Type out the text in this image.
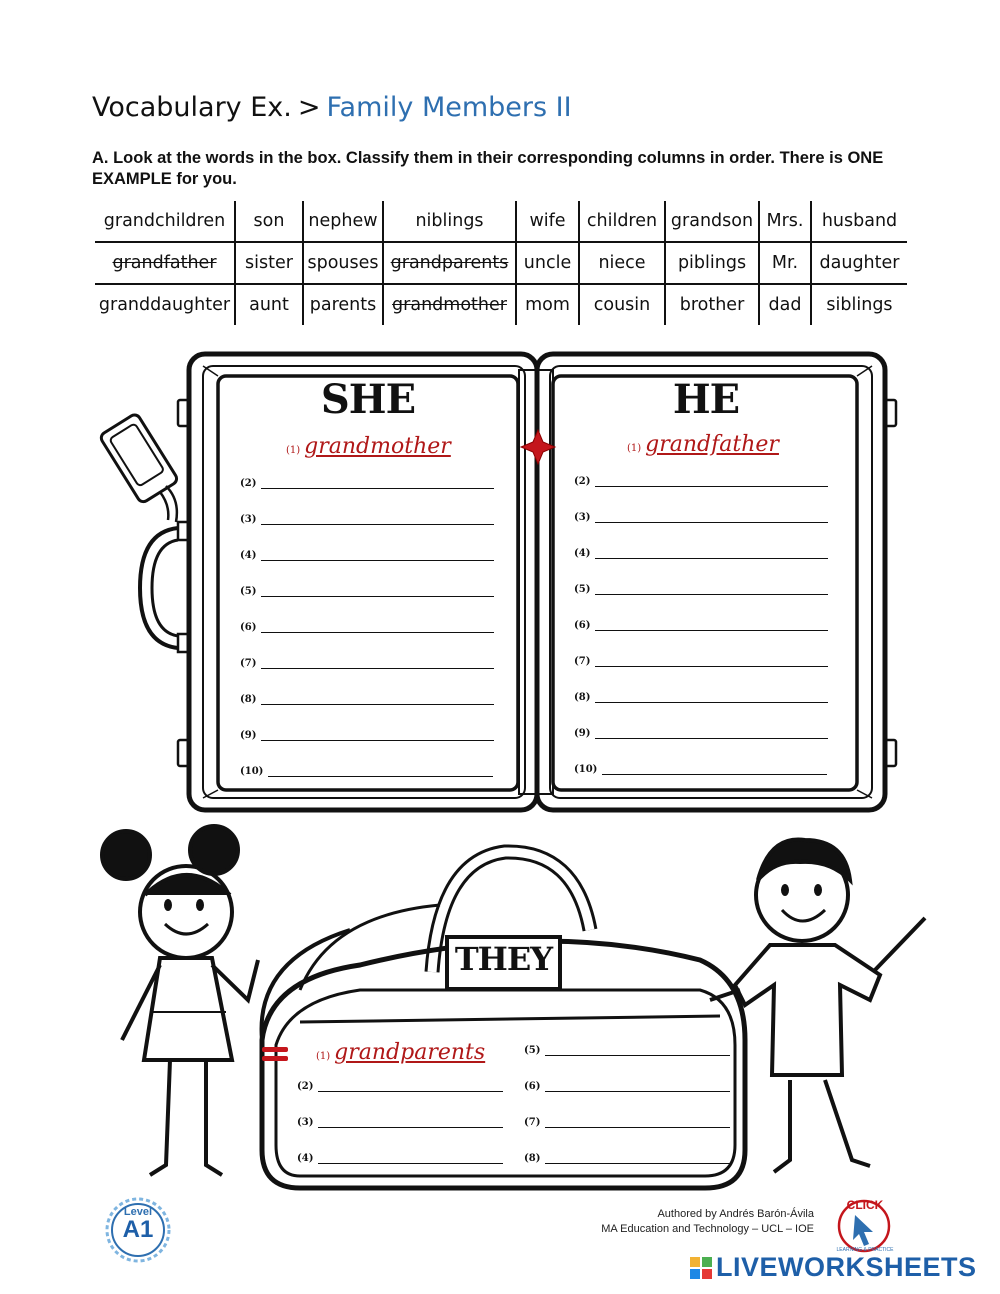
Vocabulary Ex. > Family Members II
A. Look at the words in the box. Classify them in their corresponding columns in order. There is ONE EXAMPLE for you.
grandchildren	son	nephew	niblings	wife	children	grandson	Mrs.	husband
grandfather	sister	spouses	grandparents	uncle	niece	piblings	Mr.	daughter
granddaughter	aunt	parents	grandmother	mom	cousin	brother	dad	siblings
Level
A1
CLICK
LEARNING & PRACTICE
SHE
(1) grandmother
(2)
(3)
(4)
(5)
(6)
(7)
(8)
(9)
(10)
HE
(1) grandfather
(2)
(3)
(4)
(5)
(6)
(7)
(8)
(9)
(10)
THEY
(1) grandparents
(2)
(3)
(4)
(5)
(6)
(7)
(8)
Authored by Andrés Barón-Ávila
MA Education and Technology – UCL – IOE
LIVEWORKSHEETS
